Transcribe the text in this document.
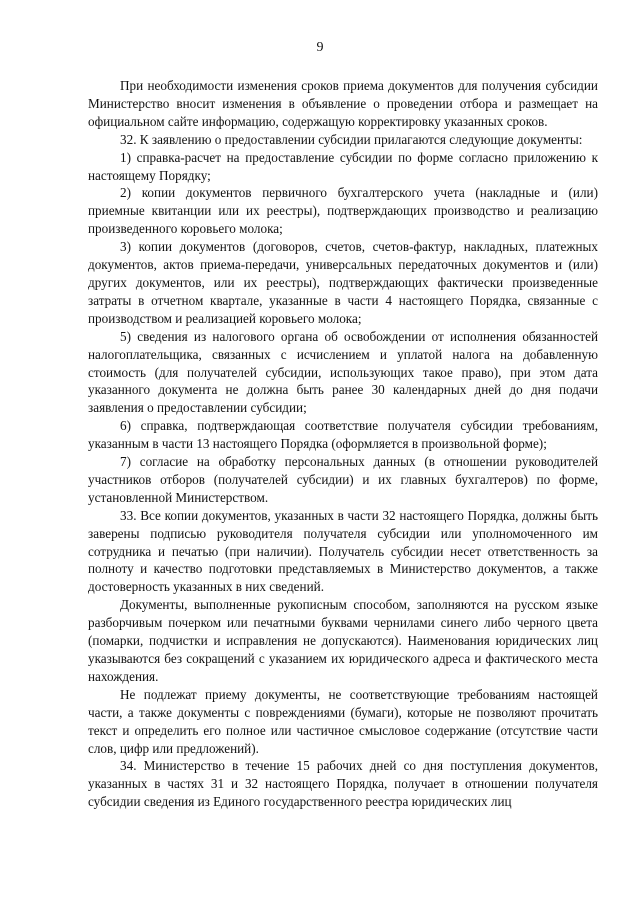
9

При необходимости изменения сроков приема документов для получения субсидии Министерство вносит изменения в объявление о проведении отбора и размещает на официальном сайте информацию, содержащую корректировку указанных сроков.

32. К заявлению о предоставлении субсидии прилагаются следующие документы:

1) справка-расчет на предоставление субсидии по форме согласно приложению к настоящему Порядку;

2) копии документов первичного бухгалтерского учета (накладные и (или) приемные квитанции или их реестры), подтверждающих производство и реализацию произведенного коровьего молока;

3) копии документов (договоров, счетов, счетов-фактур, накладных, платежных документов, актов приема-передачи, универсальных передаточных документов и (или) других документов, или их реестры), подтверждающих фактически произведенные затраты в отчетном квартале, указанные в части 4 настоящего Порядка, связанные с производством и реализацией коровьего молока;

5) сведения из налогового органа об освобождении от исполнения обязанностей налогоплательщика, связанных с исчислением и уплатой налога на добавленную стоимость (для получателей субсидии, использующих такое право), при этом дата указанного документа не должна быть ранее 30 календарных дней до дня подачи заявления о предоставлении субсидии;

6) справка, подтверждающая соответствие получателя субсидии требованиям, указанным в части 13 настоящего Порядка (оформляется в произвольной форме);

7) согласие на обработку персональных данных (в отношении руководителей участников отборов (получателей субсидии) и их главных бухгалтеров) по форме, установленной Министерством.

33. Все копии документов, указанных в части 32 настоящего Порядка, должны быть заверены подписью руководителя получателя субсидии или уполномоченного им сотрудника и печатью (при наличии). Получатель субсидии несет ответственность за полноту и качество подготовки представляемых в Министерство документов, а также достоверность указанных в них сведений.

Документы, выполненные рукописным способом, заполняются на русском языке разборчивым почерком или печатными буквами чернилами синего либо черного цвета (помарки, подчистки и исправления не допускаются). Наименования юридических лиц указываются без сокращений с указанием их юридического адреса и фактического места нахождения.

Не подлежат приему документы, не соответствующие требованиям настоящей части, а также документы с повреждениями (бумаги), которые не позволяют прочитать текст и определить его полное или частичное смысловое содержание (отсутствие части слов, цифр или предложений).

34. Министерство в течение 15 рабочих дней со дня поступления документов, указанных в частях 31 и 32 настоящего Порядка, получает в отношении получателя субсидии сведения из Единого государственного реестра юридических лиц
